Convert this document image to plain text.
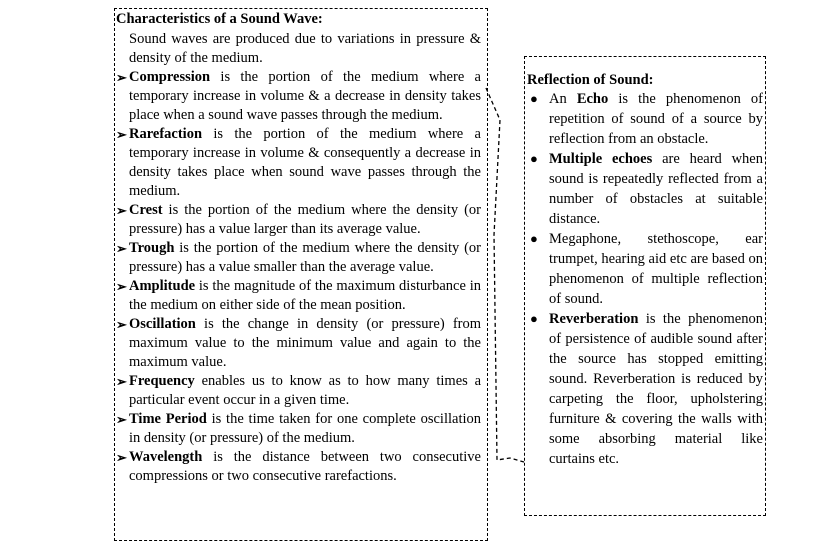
Characteristics of a Sound Wave:
Sound waves are produced due to variations in pressure & density of the medium.
➢ Compression is the portion of the medium where a temporary increase in volume & a decrease in density takes place when a sound wave passes through the medium.
➢ Rarefaction is the portion of the medium where a temporary increase in volume & consequently a decrease in density takes place when sound wave passes through the medium.
➢ Crest is the portion of the medium where the density (or pressure) has a value larger than its average value.
➢ Trough is the portion of the medium where the density (or pressure) has a value smaller than the average value.
➢ Amplitude is the magnitude of the maximum disturbance in the medium on either side of the mean position.
➢ Oscillation is the change in density (or pressure) from maximum value to the minimum value and again to the maximum value.
➢ Frequency enables us to know as to how many times a particular event occur in a given time.
➢ Time Period is the time taken for one complete oscillation in density (or pressure) of the medium.
➢ Wavelength is the distance between two consecutive compressions or two consecutive rarefactions.
Reflection of Sound:
● An Echo is the phenomenon of repetition of sound of a source by reflection from an obstacle.
● Multiple echoes are heard when sound is repeatedly reflected from a number of obstacles at suitable distance.
● Megaphone, stethoscope, ear trumpet, hearing aid etc are based on phenomenon of multiple reflection of sound.
● Reverberation is the phenomenon of persistence of audible sound after the source has stopped emitting sound. Reverberation is reduced by carpeting the floor, upholstering furniture & covering the walls with some absorbing material like curtains etc.
